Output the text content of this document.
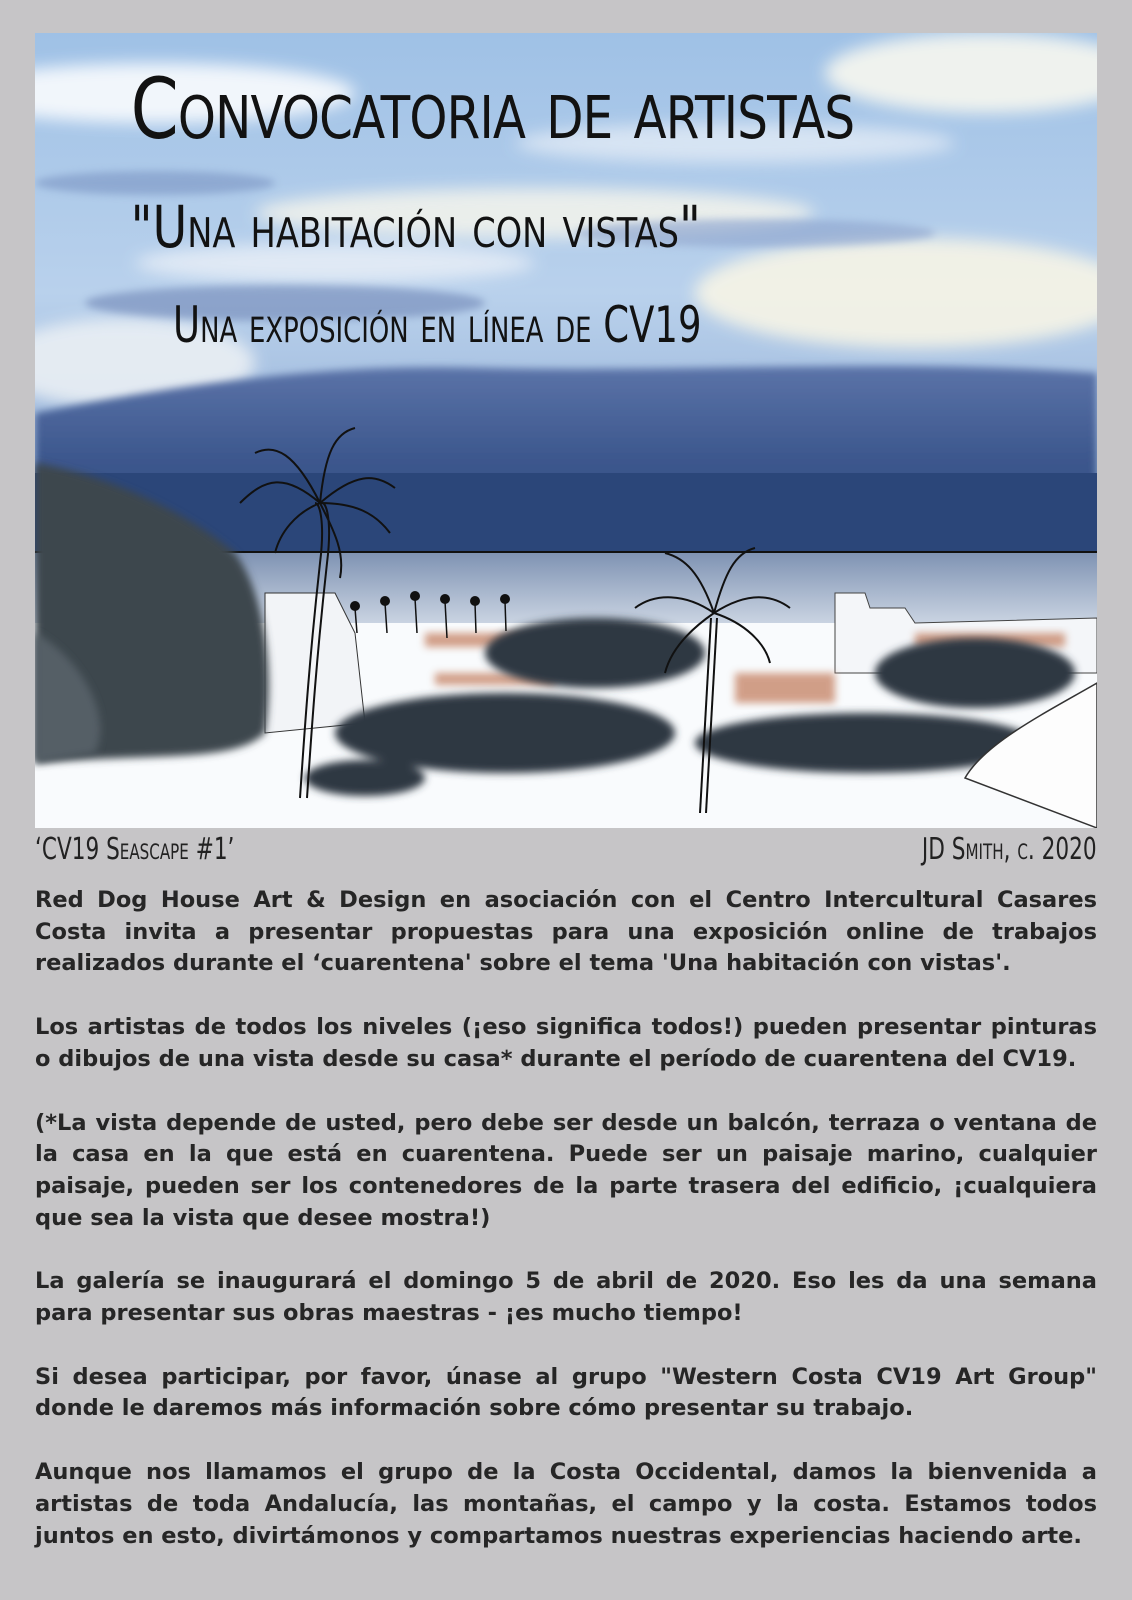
Convocatoria de artistas
"Una habitación con vistas"
Una exposición en línea de CV19
‘CV19 Seascape #1’	JD Smith, c. 2020

Red Dog House Art & Design en asociación con el Centro Intercultural Casares Costa invita a presentar propuestas para una exposición online de trabajos realizados durante el ‘cuarentena' sobre el tema 'Una habitación con vistas'.

Los artistas de todos los niveles (¡eso significa todos!) pueden presentar pinturas o dibujos de una vista desde su casa* durante el período de cuarentena del CV19.

(*La vista depende de usted, pero debe ser desde un balcón, terraza o ventana de la casa en la que está en cuarentena. Puede ser un paisaje marino, cualquier paisaje, pueden ser los contenedores de la parte trasera del edificio, ¡cualquiera que sea la vista que desee mostra!)

La galería se inaugurará el domingo 5 de abril de 2020. Eso les da una semana para presentar sus obras maestras - ¡es mucho tiempo!

Si desea participar, por favor, únase al grupo "Western Costa CV19 Art Group" donde le daremos más información sobre cómo presentar su trabajo.

Aunque nos llamamos el grupo de la Costa Occidental, damos la bienvenida a artistas de toda Andalucía, las montañas, el campo y la costa. Estamos todos juntos en esto, divirtámonos y compartamos nuestras experiencias haciendo arte.
